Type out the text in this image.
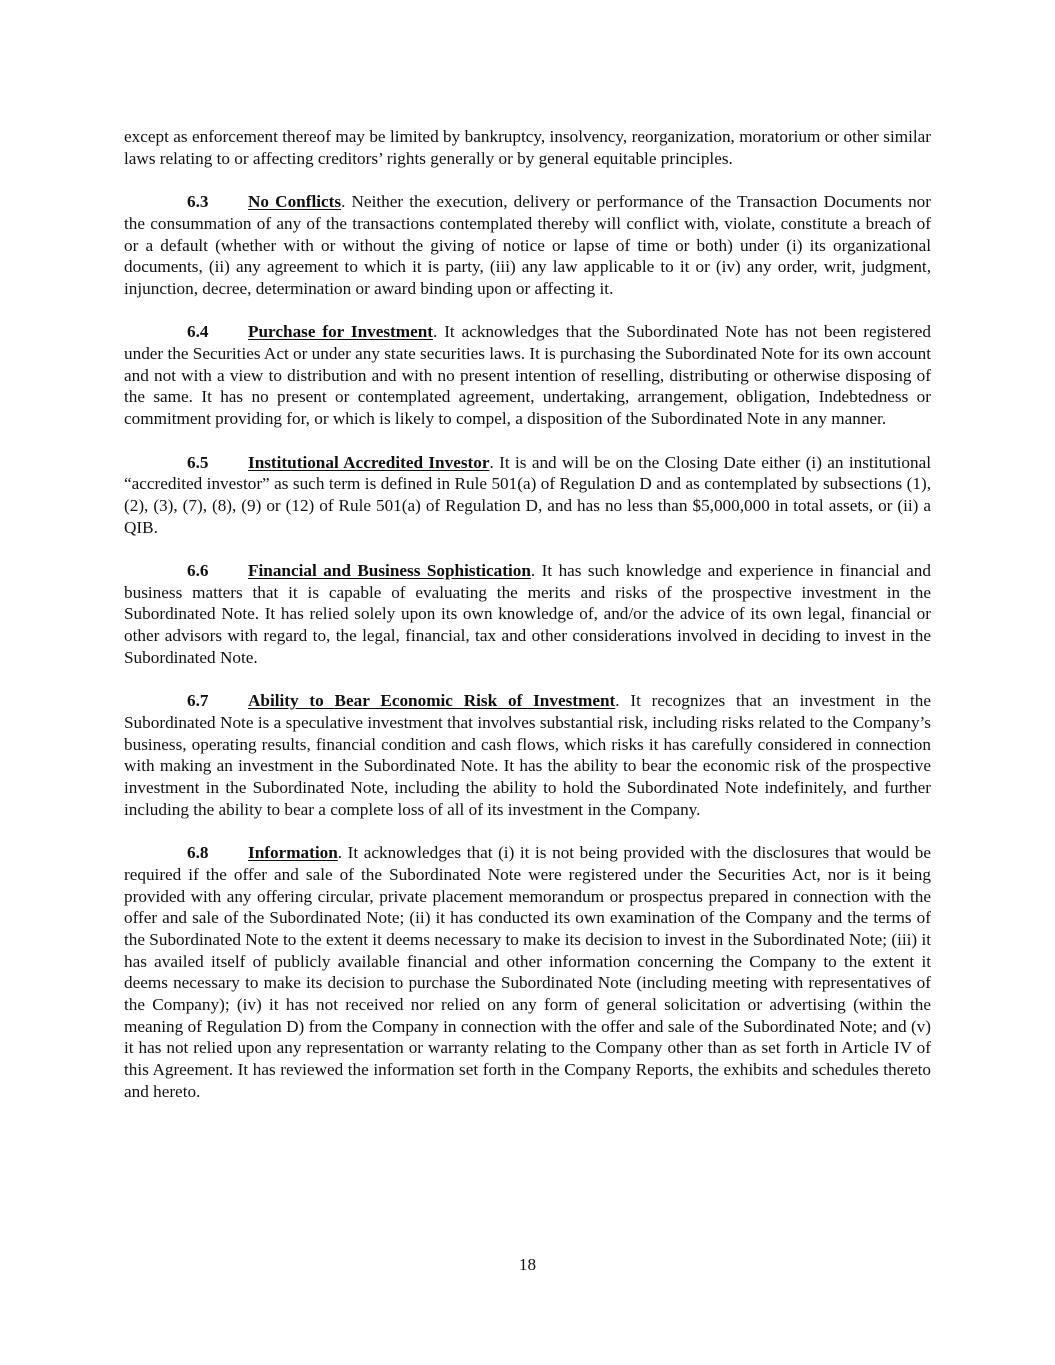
except as enforcement thereof may be limited by bankruptcy, insolvency, reorganization, moratorium or other similar laws relating to or affecting creditors’ rights generally or by general equitable principles.

6.3 No Conflicts. Neither the execution, delivery or performance of the Transaction Documents nor the consummation of any of the transactions contemplated thereby will conflict with, violate, constitute a breach of or a default (whether with or without the giving of notice or lapse of time or both) under (i) its organizational documents, (ii) any agreement to which it is party, (iii) any law applicable to it or (iv) any order, writ, judgment, injunction, decree, determination or award binding upon or affecting it.

6.4 Purchase for Investment. It acknowledges that the Subordinated Note has not been registered under the Securities Act or under any state securities laws. It is purchasing the Subordinated Note for its own account and not with a view to distribution and with no present intention of reselling, distributing or otherwise disposing of the same. It has no present or contemplated agreement, undertaking, arrangement, obligation, Indebtedness or commitment providing for, or which is likely to compel, a disposition of the Subordinated Note in any manner.

6.5 Institutional Accredited Investor. It is and will be on the Closing Date either (i) an institutional “accredited investor” as such term is defined in Rule 501(a) of Regulation D and as contemplated by subsections (1), (2), (3), (7), (8), (9) or (12) of Rule 501(a) of Regulation D, and has no less than $5,000,000 in total assets, or (ii) a QIB.

6.6 Financial and Business Sophistication. It has such knowledge and experience in financial and business matters that it is capable of evaluating the merits and risks of the prospective investment in the Subordinated Note. It has relied solely upon its own knowledge of, and/or the advice of its own legal, financial or other advisors with regard to, the legal, financial, tax and other considerations involved in deciding to invest in the Subordinated Note.

6.7 Ability to Bear Economic Risk of Investment. It recognizes that an investment in the Subordinated Note is a speculative investment that involves substantial risk, including risks related to the Company’s business, operating results, financial condition and cash flows, which risks it has carefully considered in connection with making an investment in the Subordinated Note. It has the ability to bear the economic risk of the prospective investment in the Subordinated Note, including the ability to hold the Subordinated Note indefinitely, and further including the ability to bear a complete loss of all of its investment in the Company.

6.8 Information. It acknowledges that (i) it is not being provided with the disclosures that would be required if the offer and sale of the Subordinated Note were registered under the Securities Act, nor is it being provided with any offering circular, private placement memorandum or prospectus prepared in connection with the offer and sale of the Subordinated Note; (ii) it has conducted its own examination of the Company and the terms of the Subordinated Note to the extent it deems necessary to make its decision to invest in the Subordinated Note; (iii) it has availed itself of publicly available financial and other information concerning the Company to the extent it deems necessary to make its decision to purchase the Subordinated Note (including meeting with representatives of the Company); (iv) it has not received nor relied on any form of general solicitation or advertising (within the meaning of Regulation D) from the Company in connection with the offer and sale of the Subordinated Note; and (v) it has not relied upon any representation or warranty relating to the Company other than as set forth in Article IV of this Agreement. It has reviewed the information set forth in the Company Reports, the exhibits and schedules thereto and hereto.

18
